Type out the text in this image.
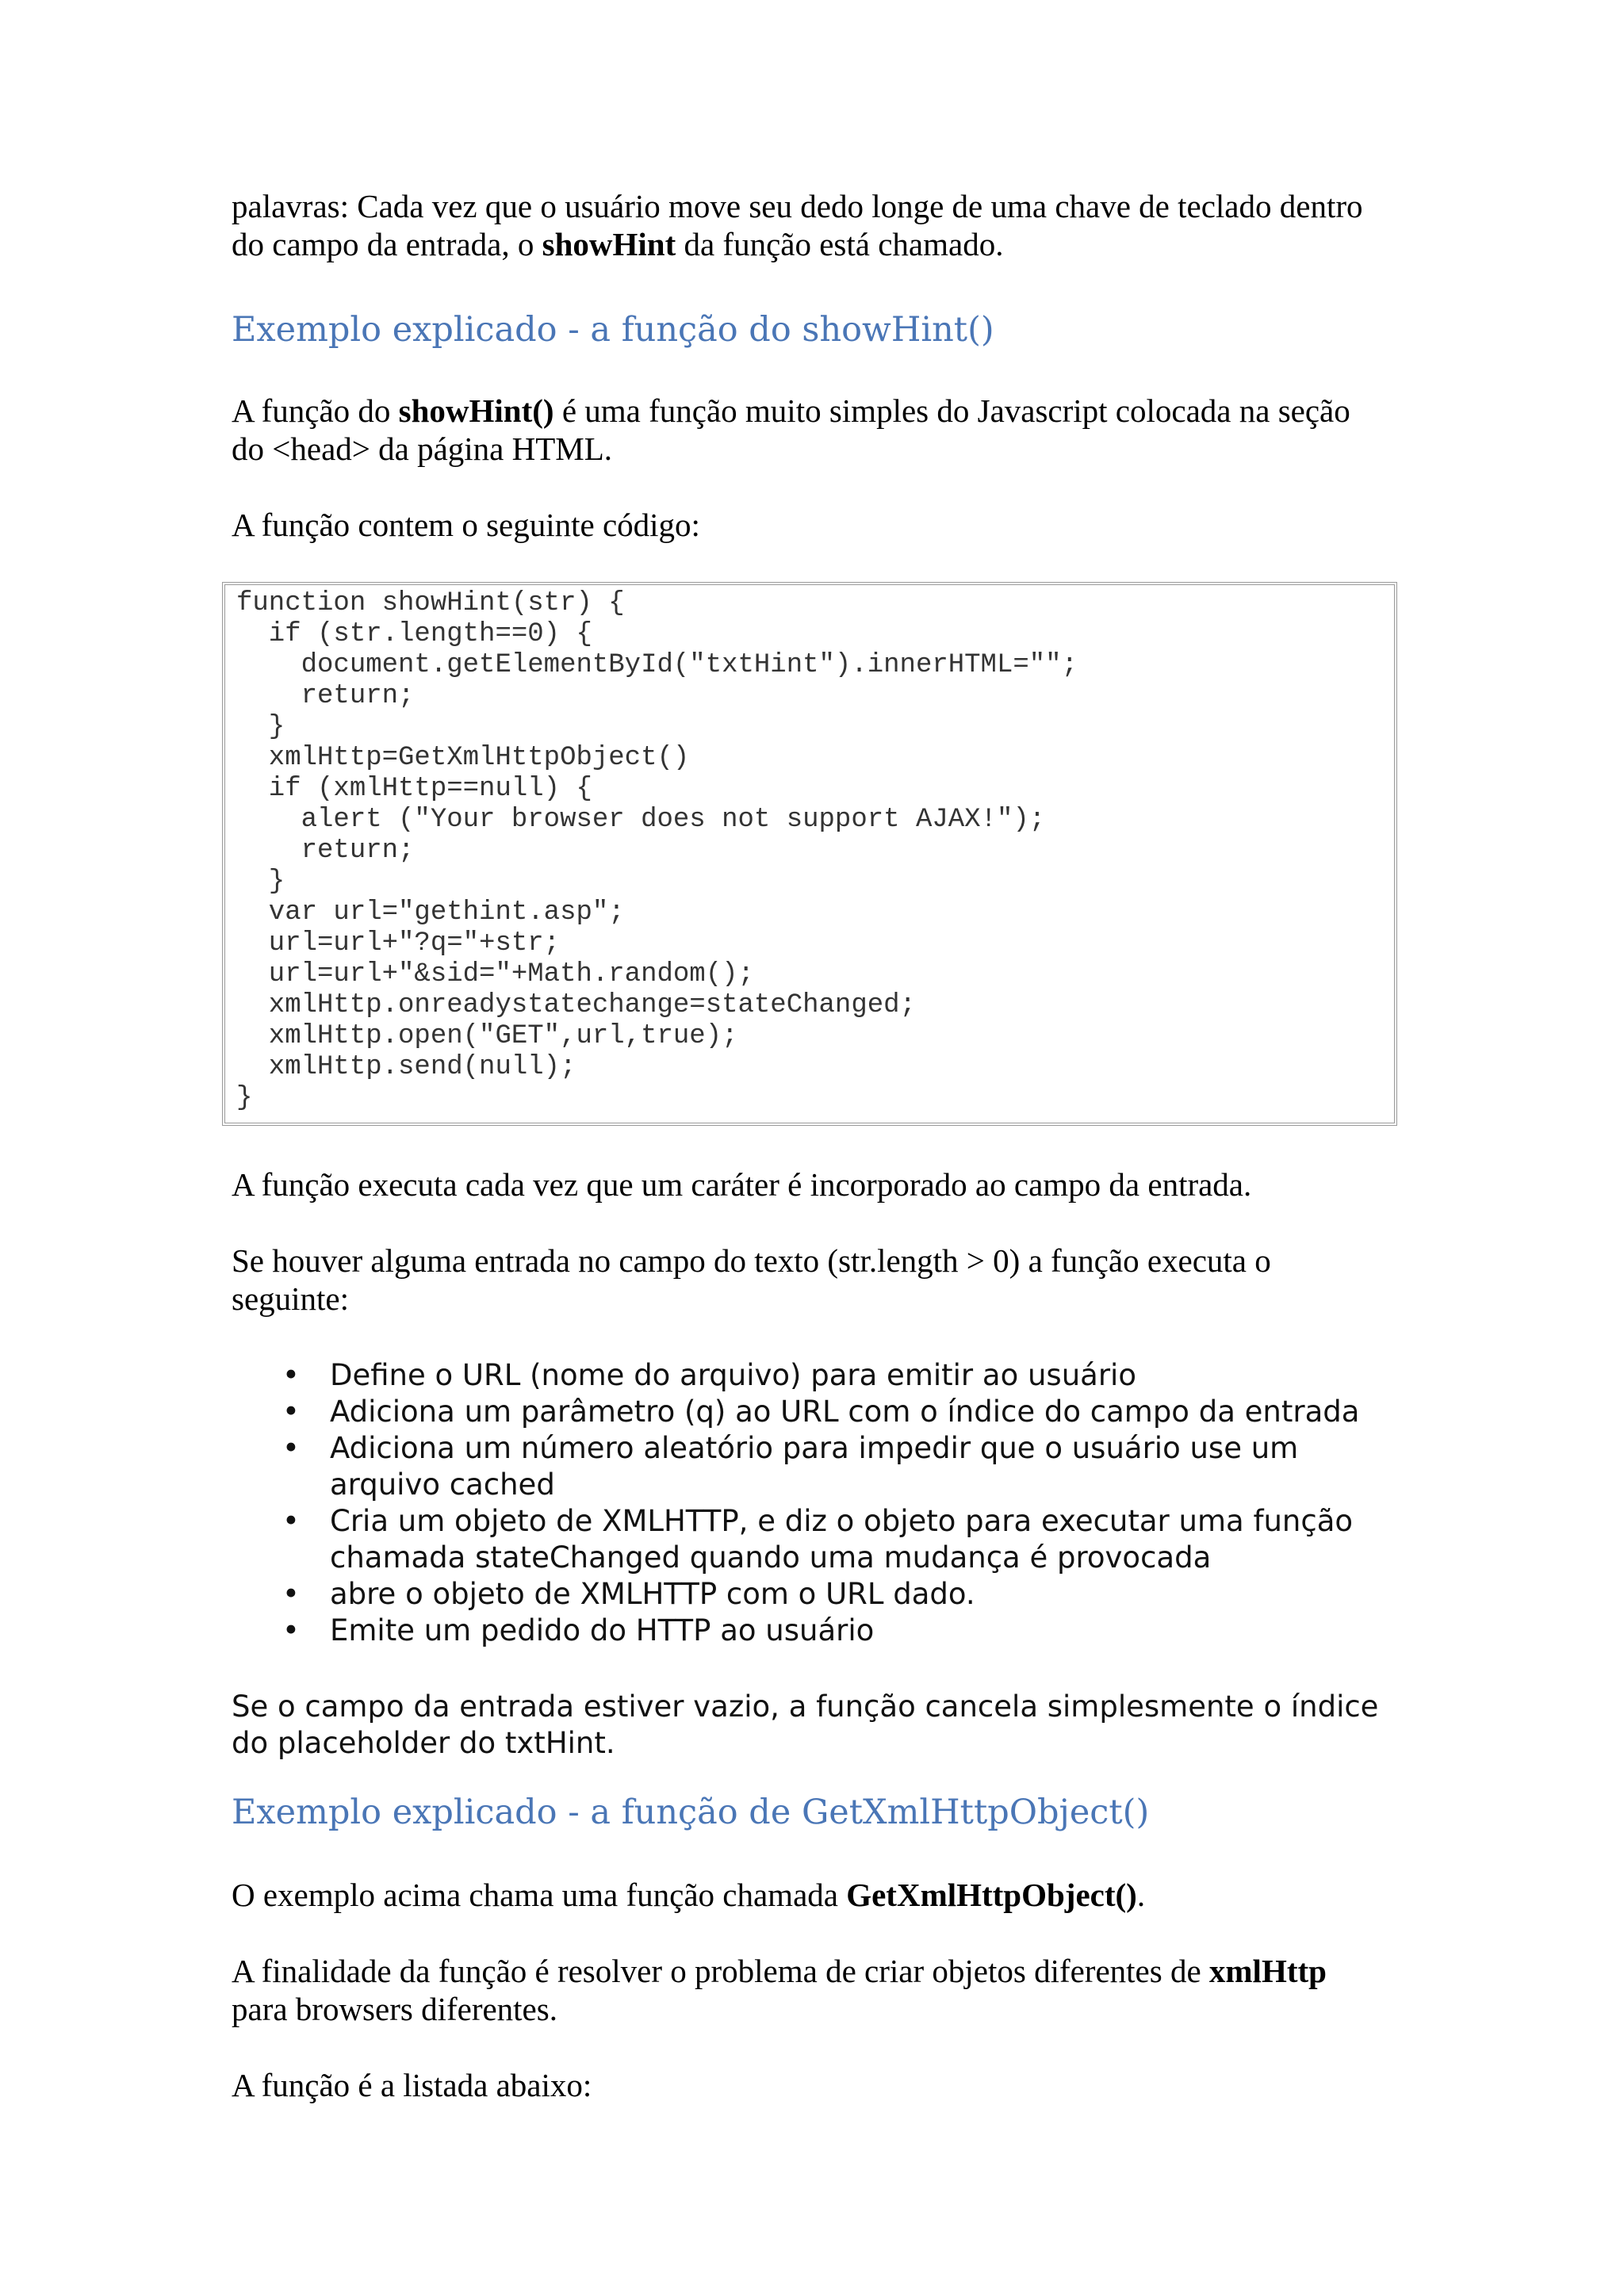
palavras: Cada vez que o usuário move seu dedo longe de uma chave de teclado dentro
do campo da entrada, o showHint da função está chamado.

Exemplo explicado - a função do showHint()

A função do showHint() é uma função muito simples do Javascript colocada na seção do <head> da página HTML.

A função contem o seguinte código:

function showHint(str) {
if (str.length==0) {
document.getElementById("txtHint").innerHTML="";
return;
}
xmlHttp=GetXmlHttpObject()
if (xmlHttp==null) {
alert ("Your browser does not support AJAX!");
return;
}
var url="gethint.asp";
url=url+"?q="+str;
url=url+"&sid="+Math.random();
xmlHttp.onreadystatechange=stateChanged;
xmlHttp.open("GET",url,true);
xmlHttp.send(null);
}

A função executa cada vez que um caráter é incorporado ao campo da entrada.

Se houver alguma entrada no campo do texto (str.length > 0) a função executa o seguinte:

• Define o URL (nome do arquivo) para emitir ao usuário
• Adiciona um parâmetro (q) ao URL com o índice do campo da entrada
• Adiciona um número aleatório para impedir que o usuário use um arquivo cached
• Cria um objeto de XMLHTTP, e diz o objeto para executar uma função chamada stateChanged quando uma mudança é provocada
• abre o objeto de XMLHTTP com o URL dado.
• Emite um pedido do HTTP ao usuário

Se o campo da entrada estiver vazio, a função cancela simplesmente o índice do placeholder do txtHint.

Exemplo explicado - a função de GetXmlHttpObject()

O exemplo acima chama uma função chamada GetXmlHttpObject().

A finalidade da função é resolver o problema de criar objetos diferentes de xmlHttp para browsers diferentes.

A função é a listada abaixo:
